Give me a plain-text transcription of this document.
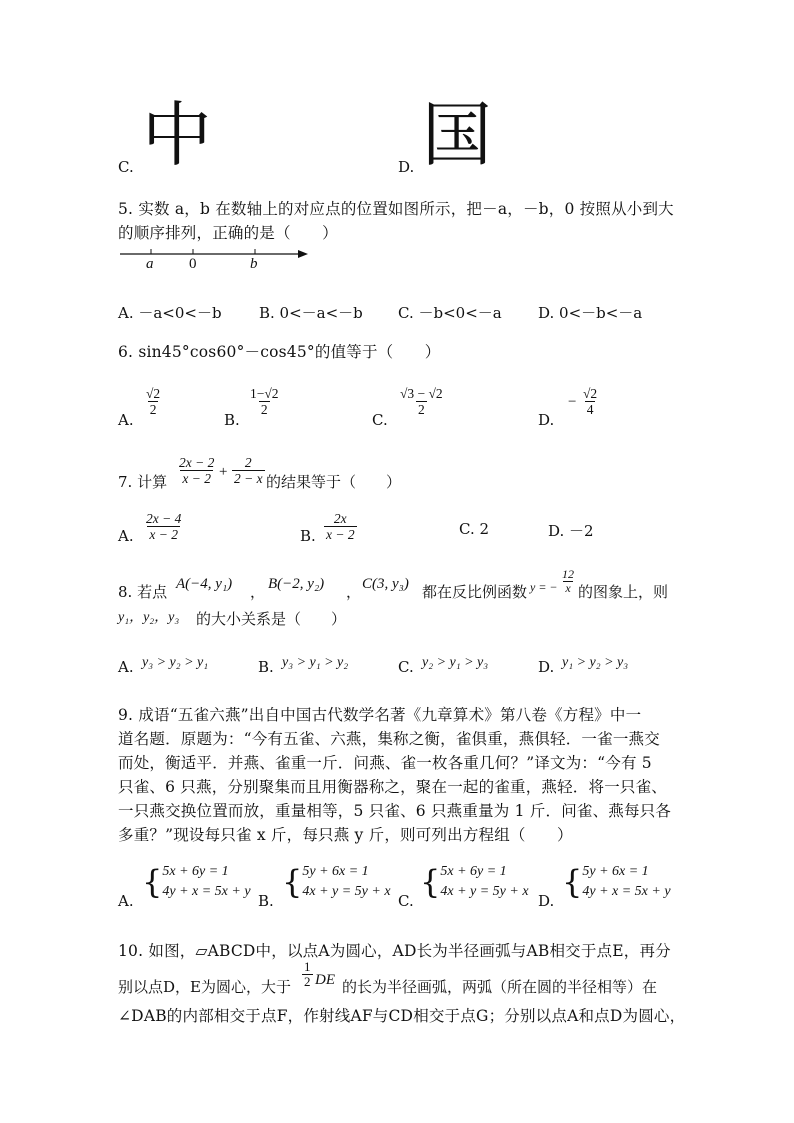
C. 中	D. 国
5. 实数 a，b 在数轴上的对应点的位置如图所示，把－a，－b，0 按照从小到大
的顺序排列，正确的是（　　）
a 0	b
A. －a<0<－b B. 0<－a<－b C. －b<0<－a D. 0<－b<－a
6. sin45°cos60°－cos45°的值等于（　　）
A.
$\frac{√2}{2}$
B.
$\frac{1-√2}{2}$
C.
$\frac{√3 - √2}{2}$
D.
− $\frac{√2}{4}$
7. 计算 $\frac{2x - 2}{x - 2} + \frac{2}{2 - x}$ 的结果等于（　　）
A. $\frac{2x - 4}{x - 2}$	B. $\frac{2x}{x - 2}$	C. 2	D. －2
8. 若点 A(−4, y₁) ， B(−2, y₂) ， C(3, y₃) 都在反比例函数 y = − $\frac{12}{x}$ 的图象上，则
y₁，y₂，y₃ 的大小关系是（　　）
A. y₃ > y₂ > y₁	B. y₃ > y₁ > y₂	C. y₂ > y₁ > y₃	D. y₁ > y₂ > y₃
9. 成语“五雀六燕”出自中国古代数学名著《九章算术》第八卷《方程》中一
道名题．原题为：“今有五雀、六燕，集称之衡，雀俱重，燕俱轻．一雀一燕交
而处，衡适平．并燕、雀重一斤．问燕、雀一枚各重几何？”译文为：“今有 5
只雀、6 只燕，分别聚集而且用衡器称之，聚在一起的雀重，燕轻．将一只雀、
一只燕交换位置而放，重量相等，5 只雀、6 只燕重量为 1 斤．问雀、燕每只各
多重？”现设每只雀 x 斤，每只燕 y 斤，则可列出方程组（　　）
A. { 5x + 6y = 1
4y + x = 5x + y
B. { 5y + 6x = 1
4x + y = 5y + x
C. { 5x + 6y = 1
4x + y = 5y + x
D. { 5y + 6x = 1
4y + x = 5x + y
10. 如图，▱ABCD中，以点A为圆心，AD长为半径画弧与AB相交于点E，再分
别以点D，E为圆心，大于 $\frac{1}{2}$ DE 的长为半径画弧，两弧（所在圆的半径相等）在
∠DAB的内部相交于点F，作射线AF与CD相交于点G；分别以点A和点D为圆心，
